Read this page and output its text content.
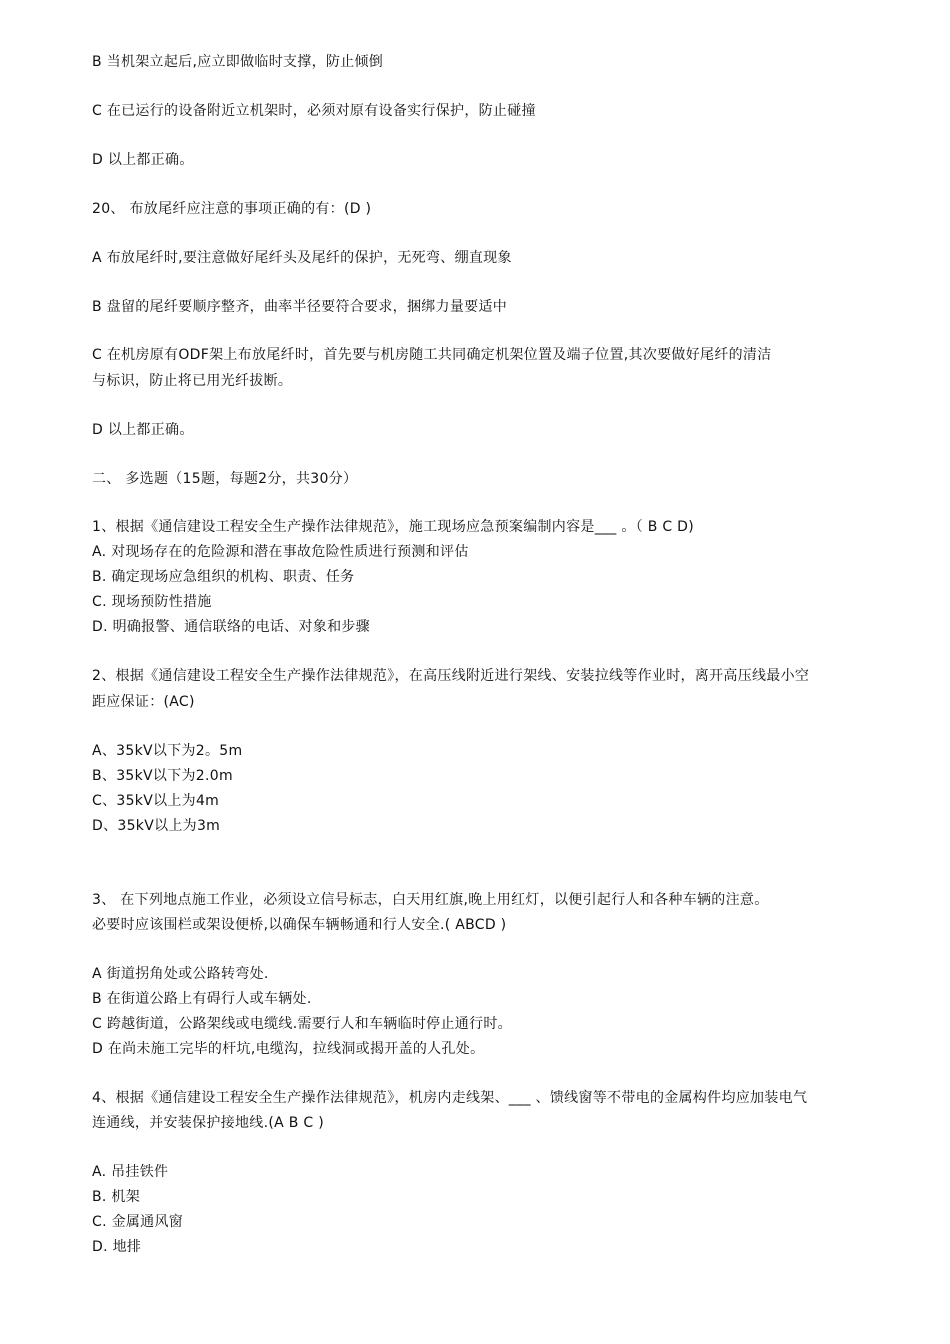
B 当机架立起后,应立即做临时支撑，防止倾倒
C 在已运行的设备附近立机架时，必须对原有设备实行保护，防止碰撞
D 以上都正确。
20、 布放尾纤应注意的事项正确的有：(D )
A 布放尾纤时,要注意做好尾纤头及尾纤的保护，无死弯、绷直现象
B 盘留的尾纤要顺序整齐，曲率半径要符合要求，捆绑力量要适中
C 在机房原有ODF架上布放尾纤时，首先要与机房随工共同确定机架位置及端子位置,其次要做好尾纤的清洁
与标识，防止将已用光纤拔断。
D 以上都正确。
二、 多选题（15题，每题2分，共30分）
1、根据《通信建设工程安全生产操作法律规范》，施工现场应急预案编制内容是___ 。（ B C D)
A. 对现场存在的危险源和潜在事故危险性质进行预测和评估
B. 确定现场应急组织的机构、职责、任务
C. 现场预防性措施
D. 明确报警、通信联络的电话、对象和步骤
2、根据《通信建设工程安全生产操作法律规范》，在高压线附近进行架线、安装拉线等作业时，离开高压线最小空
距应保证：(AC)
A、35kV以下为2。5m
B、35kV以下为2.0m
C、35kV以上为4m
D、35kV以上为3m
3、 在下列地点施工作业，必须设立信号标志，白天用红旗,晚上用红灯，以便引起行人和各种车辆的注意。
必要时应该围栏或架设便桥,以确保车辆畅通和行人安全.( ABCD )
A 街道拐角处或公路转弯处.
B 在街道公路上有碍行人或车辆处.
C 跨越街道，公路架线或电缆线.需要行人和车辆临时停止通行时。
D 在尚未施工完毕的杆坑,电缆沟，拉线洞或揭开盖的人孔处。
4、根据《通信建设工程安全生产操作法律规范》，机房内走线架、___ 、馈线窗等不带电的金属构件均应加装电气
连通线，并安装保护接地线.(A B C )
A. 吊挂铁件
B. 机架
C. 金属通风窗
D. 地排
